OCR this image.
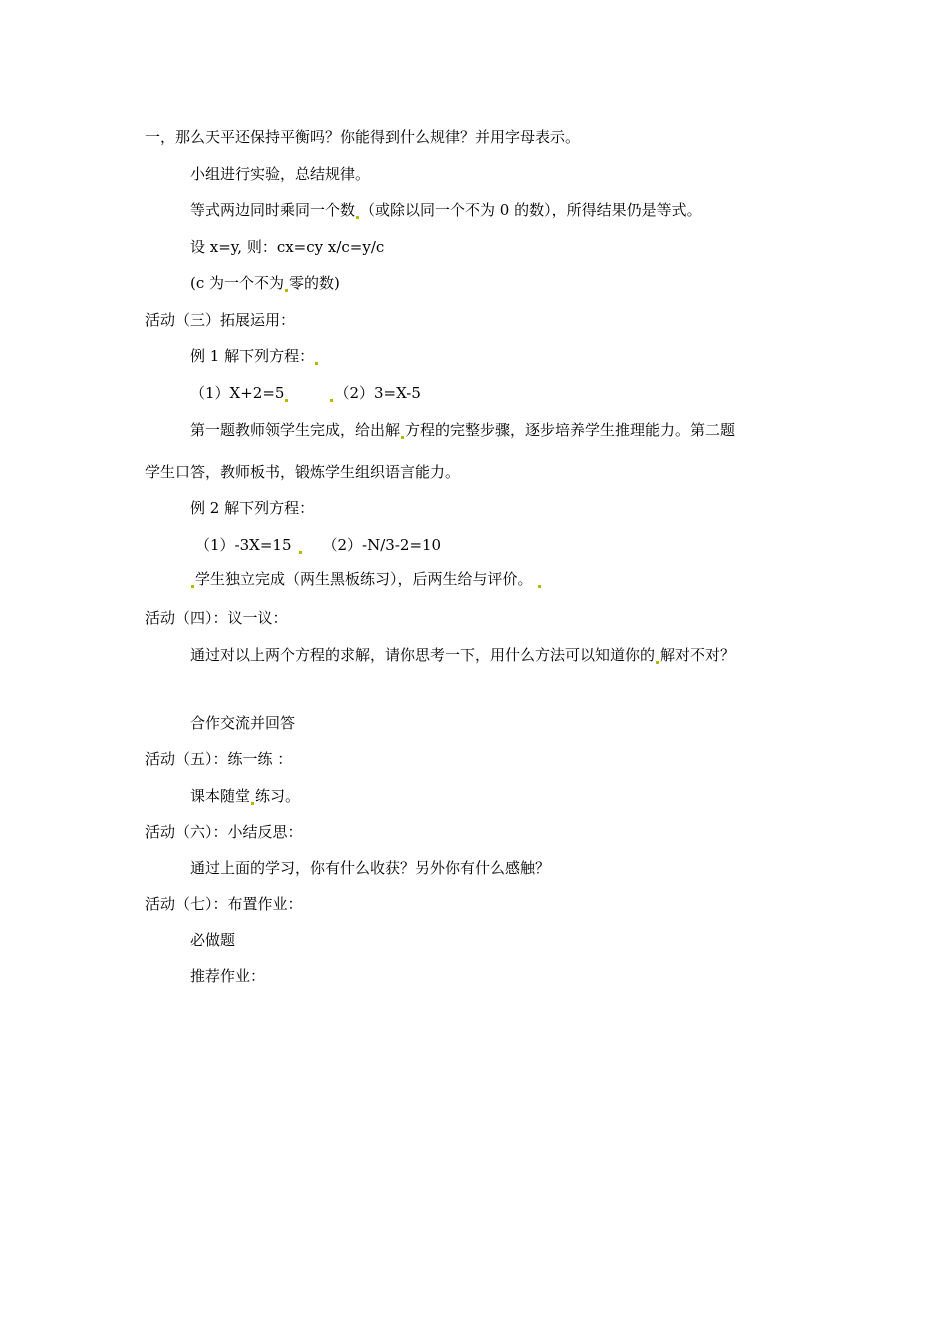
一，那么天平还保持平衡吗？你能得到什么规律？并用字母表示。
小组进行实验，总结规律。
等式两边同时乘同一个数 （或除以同一个不为 0 的数），所得结果仍是等式。
设 x=y, 则：cx=cy x/c=y/c
(c 为一个不为 零的数)
活动（三）拓展运用：
例 1 解下列方程：
（1）X+2=5	（2）3=X-5
第一题教师领学生完成，给出解 方程的完整步骤，逐步培养学生推理能力。第二题
学生口答，教师板书，锻炼学生组织语言能力。
例 2 解下列方程：
（1）-3X=15 （2）-N/3-2=10
学生独立完成（两生黑板练习），后两生给与评价。
活动（四）：议一议：
通过对以上两个方程的求解，请你思考一下，用什么方法可以知道你的 解对不对？
合作交流并回答
活动（五）：练一练 ：
课本随堂 练习。
活动（六）：小结反思：
通过上面的学习，你有什么收获？另外你有什么感触？
活动（七）：布置作业：
必做题
推荐作业：
